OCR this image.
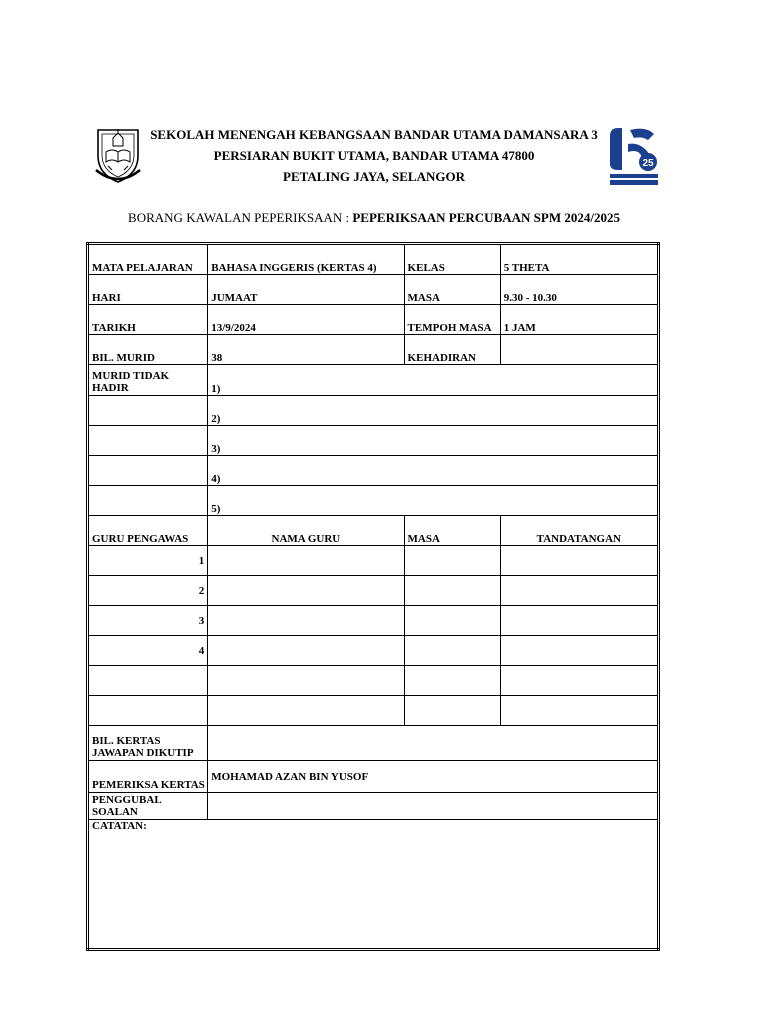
SEKOLAH MENENGAH KEBANGSAAN BANDAR UTAMA DAMANSARA 3
PERSIARAN BUKIT UTAMA, BANDAR UTAMA 47800
PETALING JAYA, SELANGOR
25
BORANG KAWALAN PEPERIKSAAN : PEPERIKSAAN PERCUBAAN SPM 2024/2025
MATA PELAJARAN	BAHASA INGGERIS (KERTAS 4)	KELAS	5 THETA
HARI	JUMAAT	MASA	9.30 - 10.30
TARIKH	13/9/2024	TEMPOH MASA	1 JAM
BIL. MURID	38	KEHADIRAN	
MURID TIDAK HADIR	1)		
	2)		
	3)		
	4)		
	5)		
GURU PENGAWAS	NAMA GURU	MASA	TANDATANGAN
1			
2			
3			
4			

BIL. KERTAS JAWAPAN DIKUTIP			
PEMERIKSA KERTAS	MOHAMAD AZAN BIN YUSOF		
PENGGUBAL SOALAN			
CATATAN:			
